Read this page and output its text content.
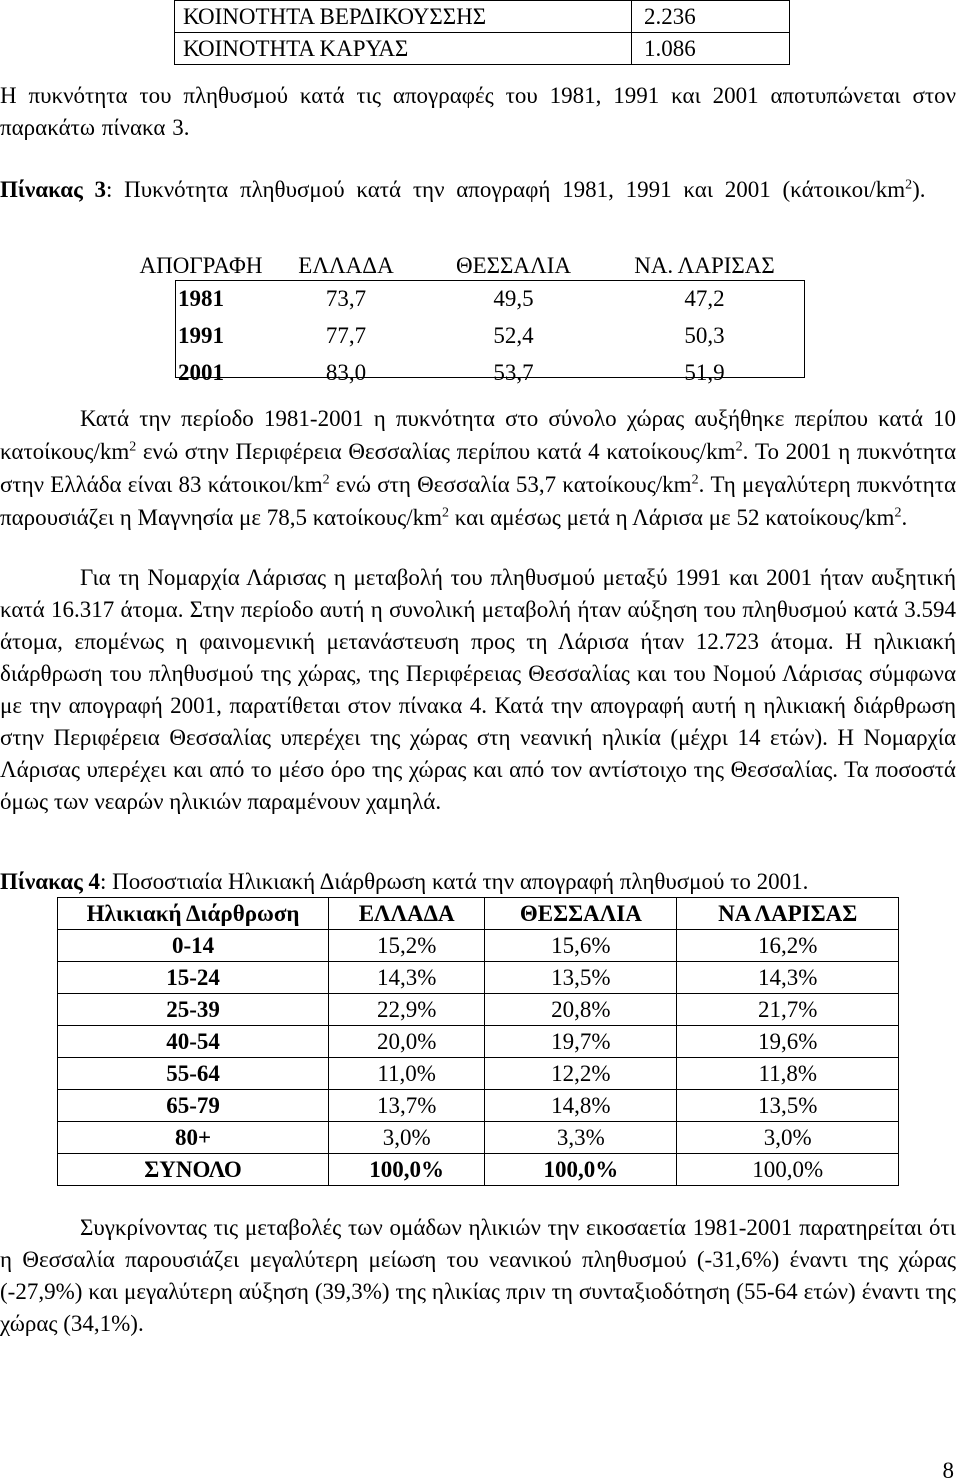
ΚΟΙΝΟΤΗΤΑ ΒΕΡΔΙΚΟΥΣΣΗΣ	2.236
ΚΟΙΝΟΤΗΤΑ ΚΑΡΥΑΣ	1.086

Η πυκνότητα του πληθυσμού κατά τις απογραφές του 1981, 1991 και 2001 αποτυπώνεται στον παρακάτω πίνακα 3.

Πίνακας 3: Πυκνότητα πληθυσμού κατά την απογραφή 1981, 1991 και 2001 $(\kappa ά\tau o\iota\kappa o\iota/km^2)$.

ΑΠΟΓΡΑΦΗ	ΕΛΛΑΔΑ	ΘΕΣΣΑΛΙΑ	ΝΑ. ΛΑΡΙΣΑΣ
1981	73,7	49,5	47,2
1991	77,7	52,4	50,3
2001	83,0	53,7	51,9

Κατά την περίοδο 1981-2001 η πυκνότητα στο σύνολο χώρας αυξήθηκε περίπου κατά 10 κατοίκους/$km^2$ ενώ στην Περιφέρεια Θεσσαλίας περίπου κατά 4 κατοίκους/$km^2$. Το 2001 η πυκνότητα στην Ελλάδα είναι 83 κάτοικοι/$km^2$ ενώ στη Θεσσαλία 53,7 κατοίκους/$km^2$. Τη μεγαλύτερη πυκνότητα παρουσιάζει η Μαγνησία με 78,5 κατοίκους/$km^2$ και αμέσως μετά η Λάρισα με 52 κατοίκους/$km^2$.

Για τη Νομαρχία Λάρισας η μεταβολή του πληθυσμού μεταξύ 1991 και 2001 ήταν αυξητική κατά 16.317 άτομα. Στην περίοδο αυτή η συνολική μεταβολή ήταν αύξηση του πληθυσμού κατά 3.594 άτομα, επομένως η φαινομενική μετανάστευση προς τη Λάρισα ήταν 12.723 άτομα. Η ηλικιακή διάρθρωση του πληθυσμού της χώρας, της Περιφέρειας Θεσσαλίας και του Νομού Λάρισας σύμφωνα με την απογραφή 2001, παρατίθεται στον πίνακα 4. Κατά την απογραφή αυτή η ηλικιακή διάρθρωση στην Περιφέρεια Θεσσαλίας υπερέχει της χώρας στη νεανική ηλικία (μέχρι 14 ετών). Η Νομαρχία Λάρισας υπερέχει και από το μέσο όρο της χώρας και από τον αντίστοιχο της Θεσσαλίας. Τα ποσοστά όμως των νεαρών ηλικιών παραμένουν χαμηλά.

Πίνακας 4: Ποσοστιαία Ηλικιακή Διάρθρωση κατά την απογραφή πληθυσμού το 2001.

Ηλικιακή Διάρθρωση	ΕΛΛΑΔΑ	ΘΕΣΣΑΛΙΑ	ΝΑ ΛΑΡΙΣΑΣ
0-14	15,2%	15,6%	16,2%
15-24	14,3%	13,5%	14,3%
25-39	22,9%	20,8%	21,7%
40-54	20,0%	19,7%	19,6%
55-64	11,0%	12,2%	11,8%
65-79	13,7%	14,8%	13,5%
80+	3,0%	3,3%	3,0%
ΣΥΝΟΛΟ	100,0%	100,0%	100,0%

Συγκρίνοντας τις μεταβολές των ομάδων ηλικιών την εικοσαετία 1981-2001 παρατηρείται ότι η Θεσσαλία παρουσιάζει μεγαλύτερη μείωση του νεανικού πληθυσμού (-31,6%) έναντι της χώρας (-27,9%) και μεγαλύτερη αύξηση (39,3%) της ηλικίας πριν τη συνταξιοδότηση (55-64 ετών) έναντι της χώρας (34,1%).

8
